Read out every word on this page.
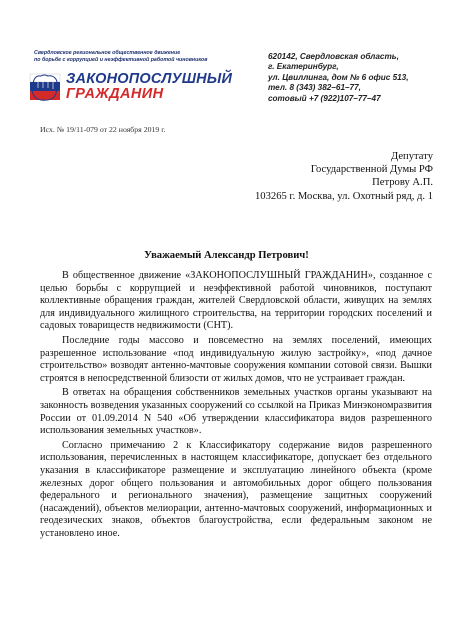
Свердловское региональное общественное движение
по борьбе с коррупцией и неэффективной работой чиновников
ЗАКОНОПОСЛУШНЫЙ
ГРАЖДАНИН
620142, Свердловская область,
г. Екатеринбург,
ул. Цвиллинга, дом № 6 офис 513,
тел. 8 (343) 382–61–77,
сотовый +7 (922)107–77–47
Исх. № 19/11-079 от 22 ноября 2019 г.
Депутату
Государственной Думы РФ
Петрову А.П.
103265 г. Москва, ул. Охотный ряд, д. 1
Уважаемый Александр Петрович!

В общественное движение «ЗАКОНОПОСЛУШНЫЙ ГРАЖДАНИН», созданное с целью борьбы с коррупцией и неэффективной работой чиновников, поступают коллективные обращения граждан, жителей Свердловской области, живущих на землях для индивидуального жилищного строительства, на территории городских поселений и садовых товариществ недвижимости (СНТ).

Последние годы массово и повсеместно на землях поселений, имеющих разрешенное использование «под индивидуальную жилую застройку», «под дачное строительство» возводят антенно-мачтовые сооружения компании сотовой связи. Вышки строятся в непосредственной близости от жилых домов, что не устраивает граждан.

В ответах на обращения собственников земельных участков органы указывают на законность возведения указанных сооружений со ссылкой на Приказ Минэкономразвития России от 01.09.2014 N 540 «Об утверждении классификатора видов разрешенного использования земельных участков».

Согласно примечанию 2 к Классификатору содержание видов разрешенного использования, перечисленных в настоящем классификаторе, допускает без отдельного указания в классификаторе размещение и эксплуатацию линейного объекта (кроме железных дорог общего пользования и автомобильных дорог общего пользования федерального и регионального значения), размещение защитных сооружений (насаждений), объектов мелиорации, антенно-мачтовых сооружений, информационных и геодезических знаков, объектов благоустройства, если федеральным законом не установлено иное.
